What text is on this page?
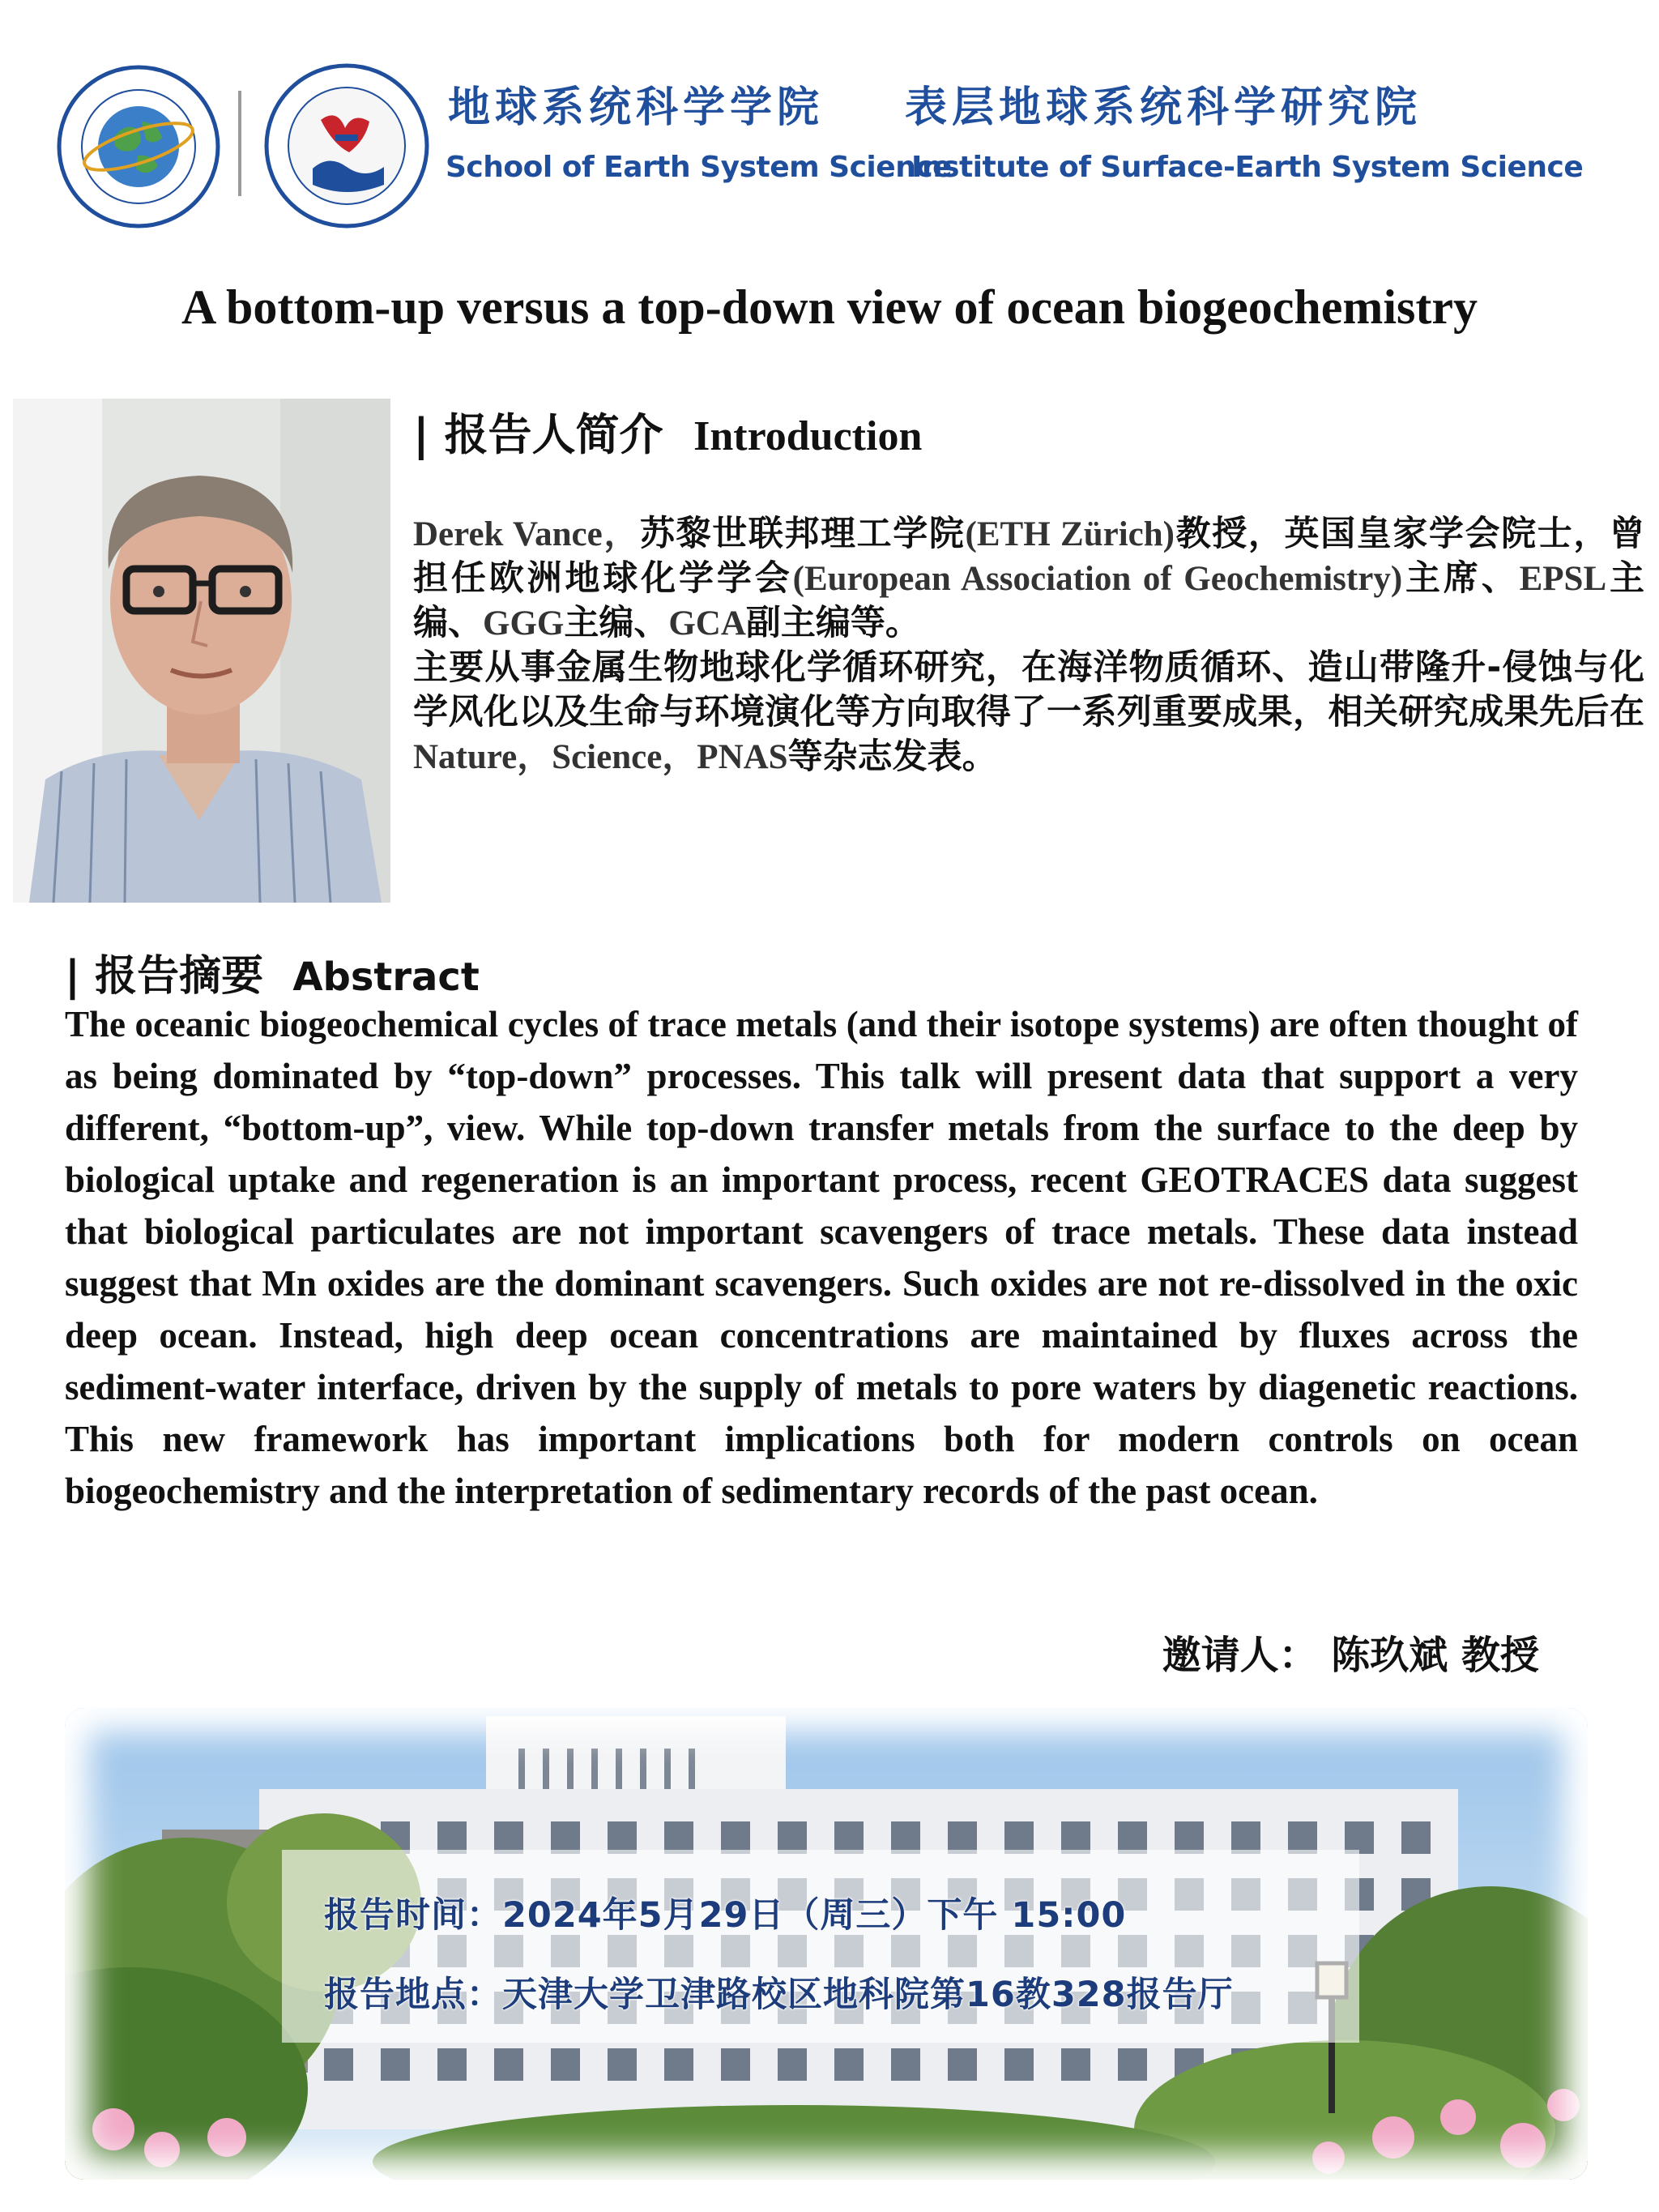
地球系统科学学院 表层地球系统科学研究院
School of Earth System Science
Institute of Surface-Earth System Science
A bottom-up versus a top-down view of ocean biogeochemistry
| 报告人简介 Introduction

Derek Vance，苏黎世联邦理工学院(ETH Zürich)教授，英国皇家学会院士，曾担任欧洲地球化学学会(European Association of Geochemistry)主席、EPSL主编、GGG主编、GCA副主编等。

主要从事金属生物地球化学循环研究，在海洋物质循环、造山带隆升-侵蚀与化学风化以及生命与环境演化等方向取得了一系列重要成果，相关研究成果先后在Nature，Science，PNAS等杂志发表。

| 报告摘要 Abstract
The oceanic biogeochemical cycles of trace metals (and their isotope systems) are often thought of as being dominated by “top-down” processes. This talk will present data that support a very different, “bottom-up”, view. While top-down transfer metals from the surface to the deep by biological uptake and regeneration is an important process, recent GEOTRACES data suggest that biological particulates are not important scavengers of trace metals. These data instead suggest that Mn oxides are the dominant scavengers. Such oxides are not re-dissolved in the oxic deep ocean. Instead, high deep ocean concentrations are maintained by fluxes across the sediment-water interface, driven by the supply of metals to pore waters by diagenetic reactions. This new framework has important implications both for modern controls on ocean biogeochemistry and the interpretation of sedimentary records of the past ocean.
邀请人： 陈玖斌 教授
报告时间：2024年5月29日（周三）下午 15:00
报告地点：天津大学卫津路校区地科院第16教328报告厅
